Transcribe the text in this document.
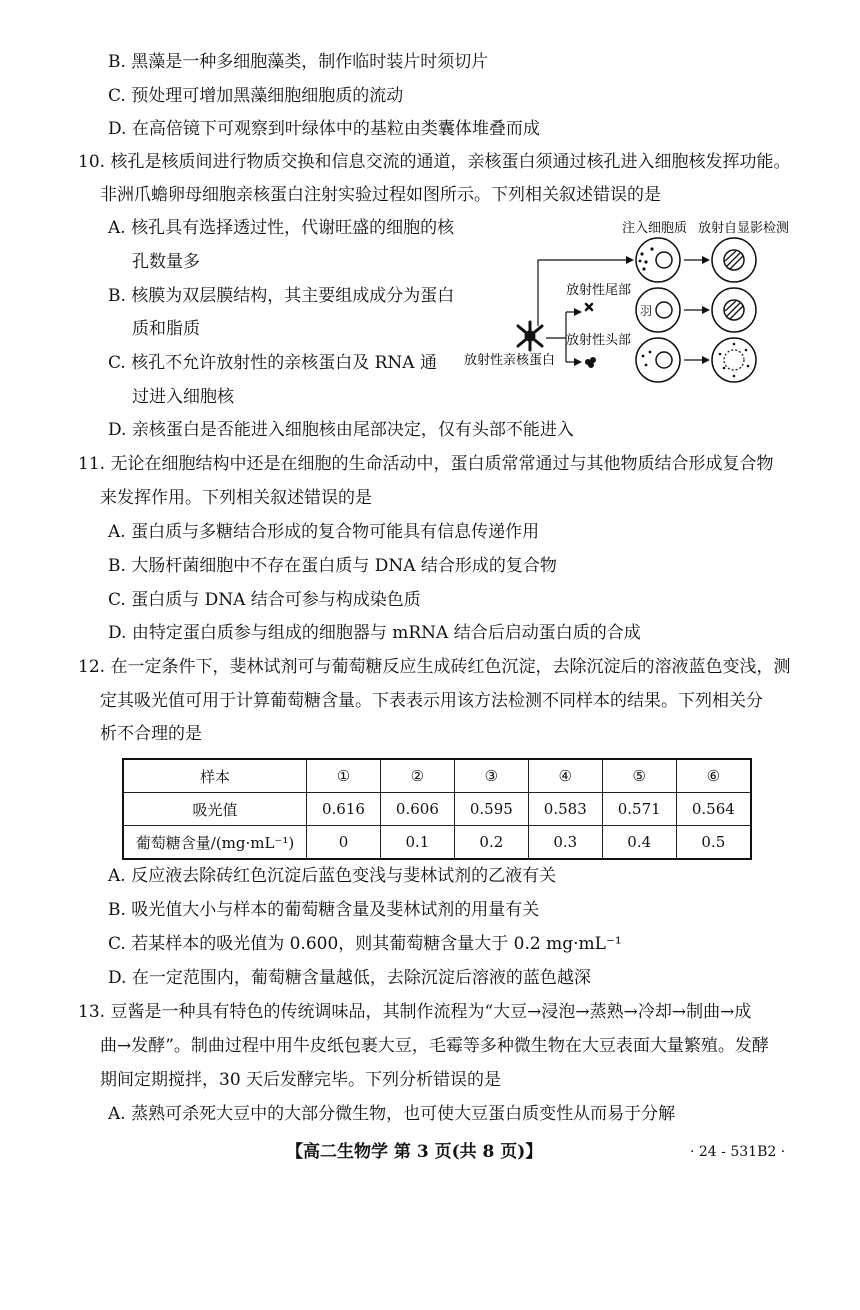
B. 黑藻是一种多细胞藻类，制作临时装片时须切片
C. 预处理可增加黑藻细胞细胞质的流动
D. 在高倍镜下可观察到叶绿体中的基粒由类囊体堆叠而成
10. 核孔是核质间进行物质交换和信息交流的通道，亲核蛋白须通过核孔进入细胞核发挥功能。
非洲爪蟾卵母细胞亲核蛋白注射实验过程如图所示。下列相关叙述错误的是
A. 核孔具有选择透过性，代谢旺盛的细胞的核
孔数量多
B. 核膜为双层膜结构，其主要组成成分为蛋白
质和脂质
C. 核孔不允许放射性的亲核蛋白及 RNA 通
过进入细胞核
D. 亲核蛋白是否能进入细胞核由尾部决定，仅有头部不能进入
注入细胞质 放射自显影检测
放射性尾部
放射性头部
放射性亲核蛋白
羽
11. 无论在细胞结构中还是在细胞的生命活动中，蛋白质常常通过与其他物质结合形成复合物
来发挥作用。下列相关叙述错误的是
A. 蛋白质与多糖结合形成的复合物可能具有信息传递作用
B. 大肠杆菌细胞中不存在蛋白质与 DNA 结合形成的复合物
C. 蛋白质与 DNA 结合可参与构成染色质
D. 由特定蛋白质参与组成的细胞器与 mRNA 结合后启动蛋白质的合成
12. 在一定条件下，斐林试剂可与葡萄糖反应生成砖红色沉淀，去除沉淀后的溶液蓝色变浅，测
定其吸光值可用于计算葡萄糖含量。下表表示用该方法检测不同样本的结果。下列相关分
析不合理的是
样本	①	②	③	④	⑤	⑥
吸光值	0.616	0.606	0.595	0.583	0.571	0.564
葡萄糖含量/(mg·mL⁻¹)	0	0.1	0.2	0.3	0.4	0.5
A. 反应液去除砖红色沉淀后蓝色变浅与斐林试剂的乙液有关
B. 吸光值大小与样本的葡萄糖含量及斐林试剂的用量有关
C. 若某样本的吸光值为 0.600，则其葡萄糖含量大于 0.2 mg·mL⁻¹
D. 在一定范围内，葡萄糖含量越低，去除沉淀后溶液的蓝色越深
13. 豆酱是一种具有特色的传统调味品，其制作流程为“大豆→浸泡→蒸熟→冷却→制曲→成
曲→发酵”。制曲过程中用牛皮纸包裹大豆，毛霉等多种微生物在大豆表面大量繁殖。发酵
期间定期搅拌，30 天后发酵完毕。下列分析错误的是
A. 蒸熟可杀死大豆中的大部分微生物，也可使大豆蛋白质变性从而易于分解
【高二生物学 第 3 页(共 8 页)】	· 24 - 531B2 ·
